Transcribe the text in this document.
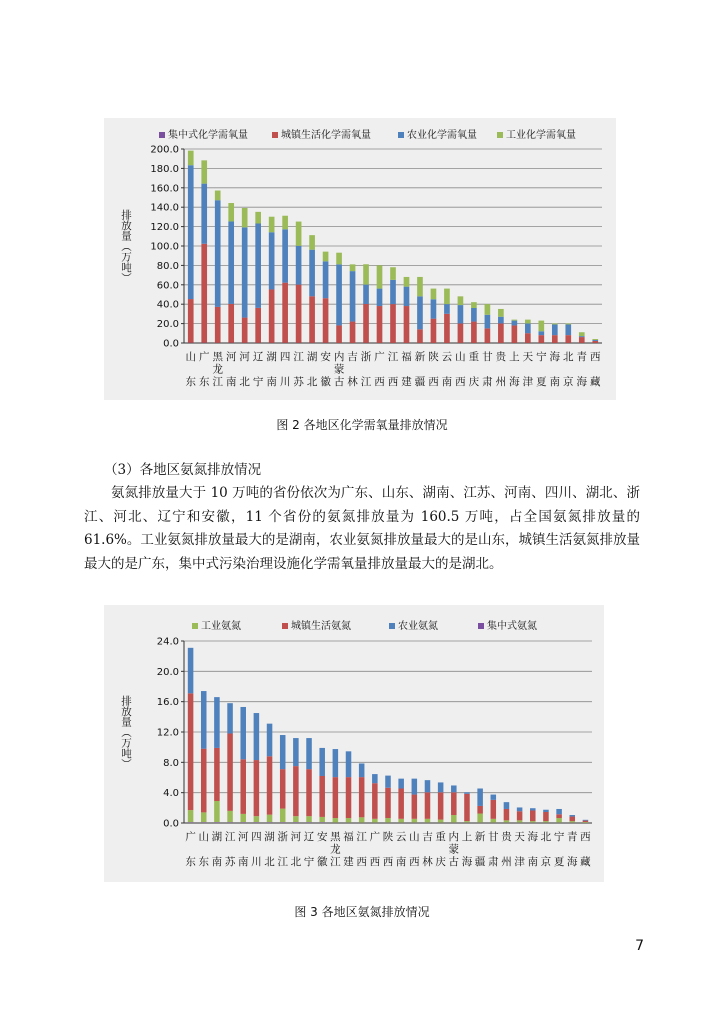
集中式化学需氧量	城镇生活化学需氧量	农业化学需氧量	工业化学需氧量
0.0
20.0
40.0
60.0
80.0
100.0
120.0
140.0
160.0
180.0
200.0
排放量（万吨）
山 东
广 东
黑龙江
河 南
河 北
辽 宁
湖 南
四 川
江 苏
湖 北
安 徽
内蒙古
吉 林
浙 江
广 西
江 西
福 建
新 疆
陕 西
云 南
山 西
重 庆
甘 肃
贵 州
上 海
天 津
宁 夏
海 南
北 京
青 海
西 藏
图 2 各地区化学需氧量排放情况
（3）各地区氨氮排放情况

氨氮排放量大于 10 万吨的省份依次为广东、山东、湖南、江苏、河南、四川、湖北、浙江、河北、辽宁和安徽，11 个省份的氨氮排放量为 160.5 万吨，占全国氨氮排放量的 61.6%。工业氨氮排放量最大的是湖南，农业氨氮排放量最大的是山东，城镇生活氨氮排放量最大的是广东，集中式污染治理设施化学需氧量排放量最大的是湖北。

工业氨氮	城镇生活氨氮	农业氨氮	集中式氨氮
0.0
4.0
8.0
12.0
16.0
20.0
24.0
排放量（万吨）
广 东
山 东
湖 南
江 苏
河 南
四 川
湖 北
浙 江
河 北
辽 宁
安 徽
黑龙江
福 建
江 西
广 西
陕 西
云 南
山 西
吉 林
重 庆
内蒙古
上 海
新 疆
甘 肃
贵 州
天 津
海 南
北 京
宁 夏
青 海
西 藏
图 3 各地区氨氮排放情况
7
